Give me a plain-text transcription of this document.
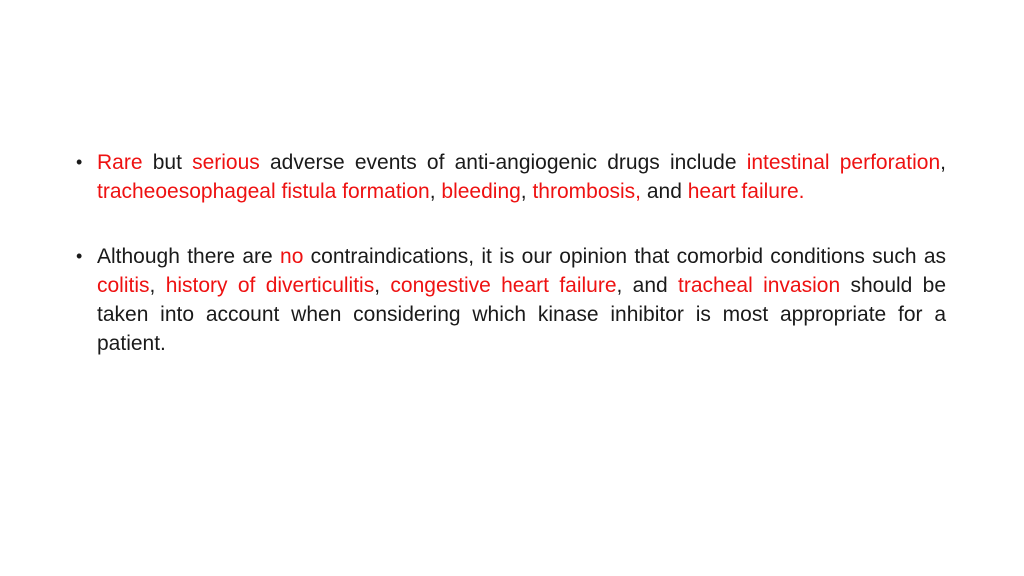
• Rare but serious adverse events of anti-angiogenic drugs include intestinal perforation, tracheoesophageal fistula formation, bleeding, thrombosis, and heart failure.
• Although there are no contraindications, it is our opinion that comorbid conditions such as colitis, history of diverticulitis, congestive heart failure, and tracheal invasion should be taken into account when considering which kinase inhibitor is most appropriate for a patient.
